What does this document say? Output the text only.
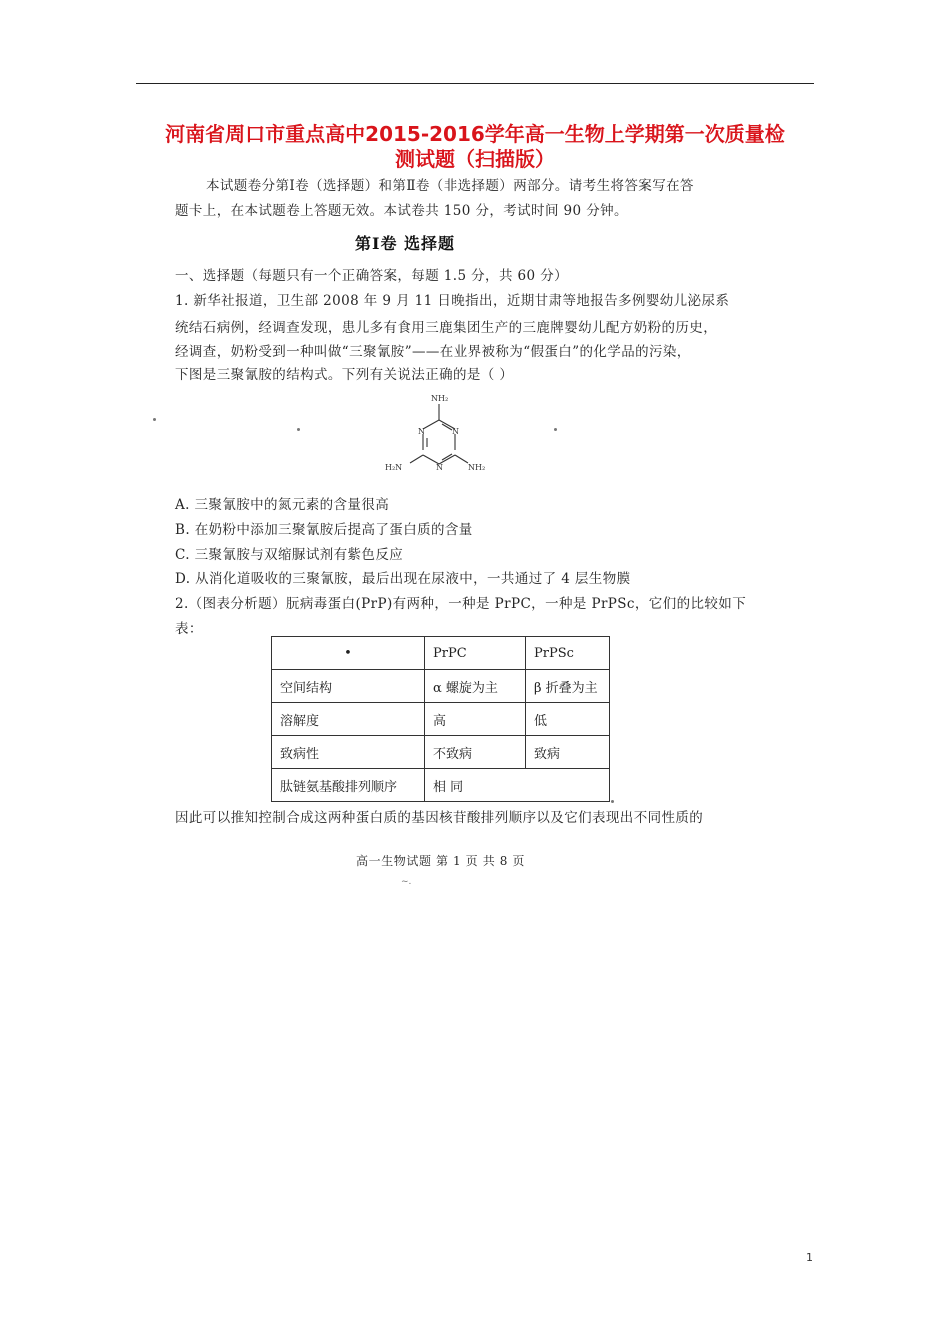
河南省周口市重点高中2015-2016学年高一生物上学期第一次质量检
测试题（扫描版）
本试题卷分第Ⅰ卷（选择题）和第Ⅱ卷（非选择题）两部分。请考生将答案写在答
题卡上，在本试题卷上答题无效。本试卷共 150 分，考试时间 90 分钟。
第Ⅰ卷 选择题
一、选择题（每题只有一个正确答案，每题 1.5 分，共 60 分）
1. 新华社报道，卫生部 2008 年 9 月 11 日晚指出，近期甘肃等地报告多例婴幼儿泌尿系
统结石病例，经调查发现，患儿多有食用三鹿集团生产的三鹿牌婴幼儿配方奶粉的历史，
经调查，奶粉受到一种叫做“三聚氰胺”——在业界被称为“假蛋白”的化学品的污染，
下图是三聚氰胺的结构式。下列有关说法正确的是（ ）
NH₂
H₂N	NH₂
N
N
N
A. 三聚氰胺中的氮元素的含量很高
B. 在奶粉中添加三聚氰胺后提高了蛋白质的含量
C. 三聚氰胺与双缩脲试剂有紫色反应
D. 从消化道吸收的三聚氰胺，最后出现在尿液中，一共通过了 4 层生物膜
2.（图表分析题）朊病毒蛋白(PrP)有两种，一种是 PrPC，一种是 PrPSc，它们的比较如下
表：
•	PrPC	PrPSc
空间结构	α 螺旋为主	β 折叠为主
溶解度	高	低
致病性	不致病	致病
肽链氨基酸排列顺序	相 同	
因此可以推知控制合成这两种蛋白质的基因核苷酸排列顺序以及它们表现出不同性质的
高一生物试题 第 1 页 共 8 页
~.
1
